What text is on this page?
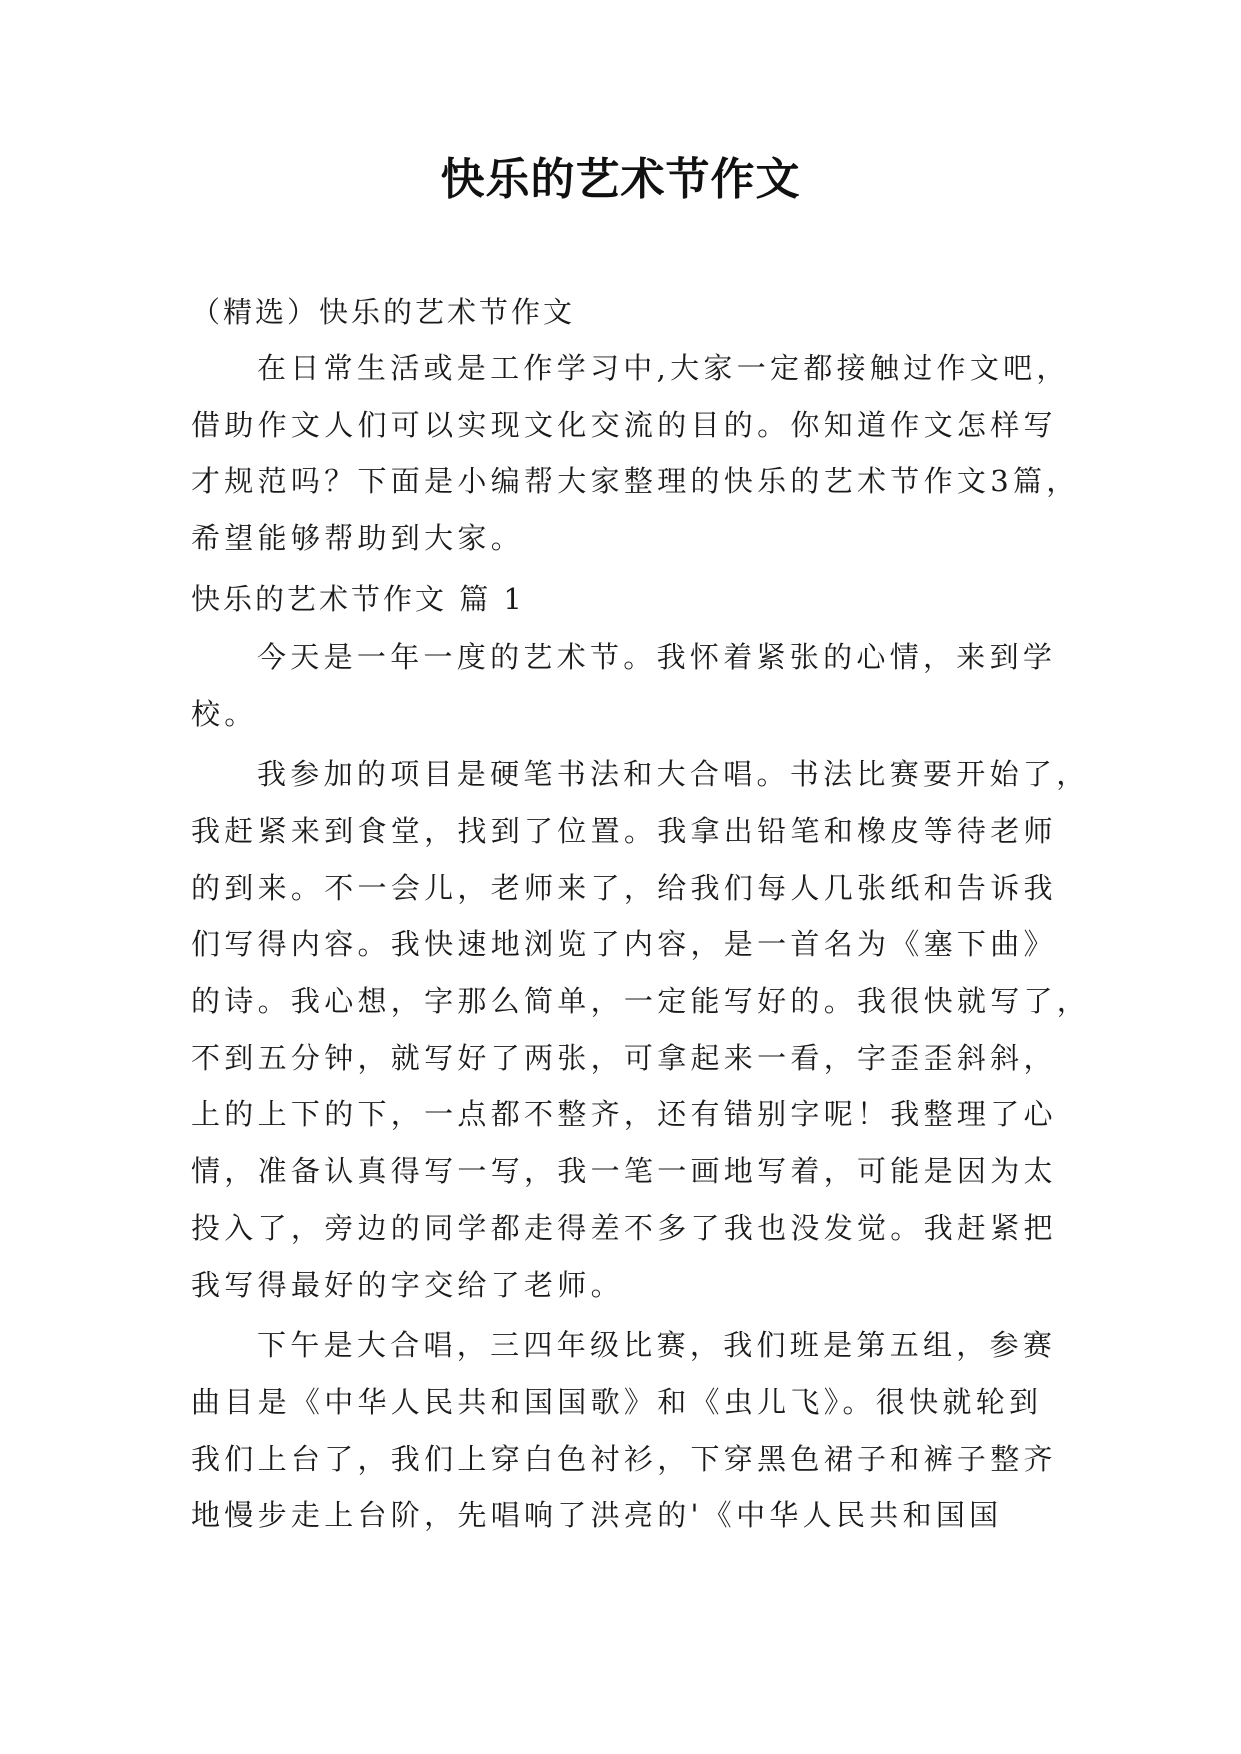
快乐的艺术节作文

（精选）快乐的艺术节作文

在日常生活或是工作学习中,大家一定都接触过作文吧，
借助作文人们可以实现文化交流的目的。你知道作文怎样写
才规范吗？下面是小编帮大家整理的快乐的艺术节作文3篇，
希望能够帮助到大家。

快乐的艺术节作文 篇 1

今天是一年一度的艺术节。我怀着紧张的心情，来到学
校。
我参加的项目是硬笔书法和大合唱。书法比赛要开始了，
我赶紧来到食堂，找到了位置。我拿出铅笔和橡皮等待老师
的到来。不一会儿，老师来了，给我们每人几张纸和告诉我
们写得内容。我快速地浏览了内容，是一首名为《塞下曲》
的诗。我心想，字那么简单，一定能写好的。我很快就写了，
不到五分钟，就写好了两张，可拿起来一看，字歪歪斜斜，
上的上下的下，一点都不整齐，还有错别字呢！我整理了心
情，准备认真得写一写，我一笔一画地写着，可能是因为太
投入了，旁边的同学都走得差不多了我也没发觉。我赶紧把
我写得最好的字交给了老师。
下午是大合唱，三四年级比赛，我们班是第五组，参赛
曲目是《中华人民共和国国歌》和《虫儿飞》。很快就轮到
我们上台了，我们上穿白色衬衫，下穿黑色裙子和裤子整齐
地慢步走上台阶，先唱响了洪亮的'《中华人民共和国国
